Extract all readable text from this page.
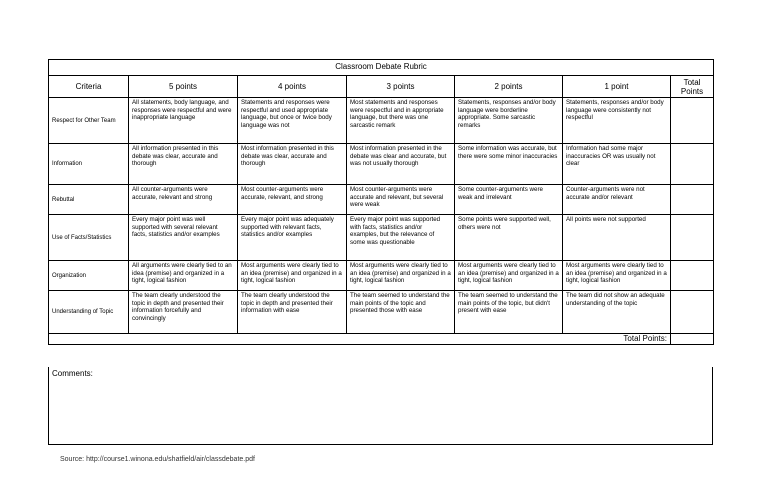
Classroom Debate Rubric						
Criteria	5 points	4 points	3 points	2 points	1 point	Total Points
Respect for Other Team	All statements, body language, and responses were respectful and were inappropriate language	Statements and responses were respectful and used appropriate language, but once or twice body language was not	Most statements and responses were respectful and in appropriate language, but there was one sarcastic remark	Statements, responses and/or body language were borderline appropriate. Some sarcastic remarks	Statements, responses and/or body language were consistently not respectful	
Information	All information presented in this debate was clear, accurate and thorough	Most information presented in this debate was clear, accurate and thorough	Most information presented in the debate was clear and accurate, but was not usually thorough	Some information was accurate, but there were some minor inaccuracies	Information had some major inaccuracies OR was usually not clear	
Rebuttal	All counter-arguments were accurate, relevant and strong	Most counter-arguments were accurate, relevant, and strong	Most counter-arguments were accurate and relevant, but several were weak	Some counter-arguments were weak and irrelevant	Counter-arguments were not accurate and/or relevant	
Use of Facts/Statistics	Every major point was well supported with several relevant facts, statistics and/or examples	Every major point was adequately supported with relevant facts, statistics and/or examples	Every major point was supported with facts, statistics and/or examples, but the relevance of some was questionable	Some points were supported well, others were not	All points were not supported	
Organization	All arguments were clearly tied to an idea (premise) and organized in a tight, logical fashion	Most arguments were clearly tied to an idea (premise) and organized in a tight, logical fashion	Most arguments were clearly tied to an idea (premise) and organized in a tight, logical fashion	Most arguments were clearly tied to an idea (premise) and organized in a tight, logical fashion	Most arguments were clearly tied to an idea (premise) and organized in a tight, logical fashion	
Understanding of Topic	The team clearly understood the topic in depth and presented their information forcefully and convincingly	The team clearly understood the topic in depth and presented their information with ease	The team seemed to understand the main points of the topic and presented those with ease	The team seemed to understand the main points of the topic, but didn't present with ease	The team did not show an adequate understanding of the topic	
Total Points:						
Comments:
Source: http://course1.winona.edu/shatfield/air/classdebate.pdf
